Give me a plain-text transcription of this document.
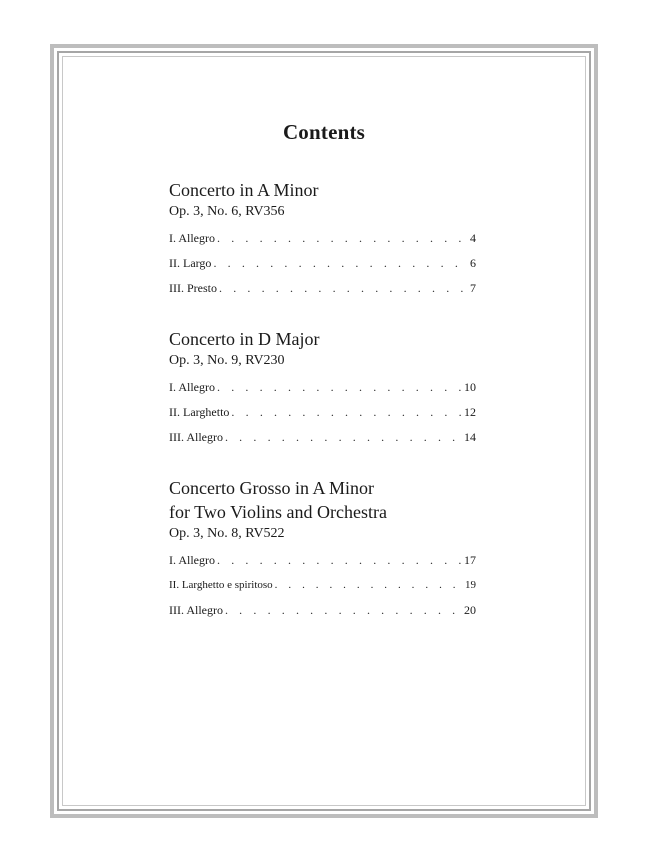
Contents
Concerto in A Minor
Op. 3, No. 6, RV356
I. Allegro . . .	4
II. Largo . . .	6
III. Presto . . .	7
Concerto in D Major
Op. 3, No. 9, RV230
I. Allegro . . .	10
II. Larghetto . . .	12
III. Allegro . . .	14
Concerto Grosso in A Minor
for Two Violins and Orchestra
Op. 3, No. 8, RV522
I. Allegro . . .	17
II. Larghetto e spiritoso . . .	19
III. Allegro . . .	20
